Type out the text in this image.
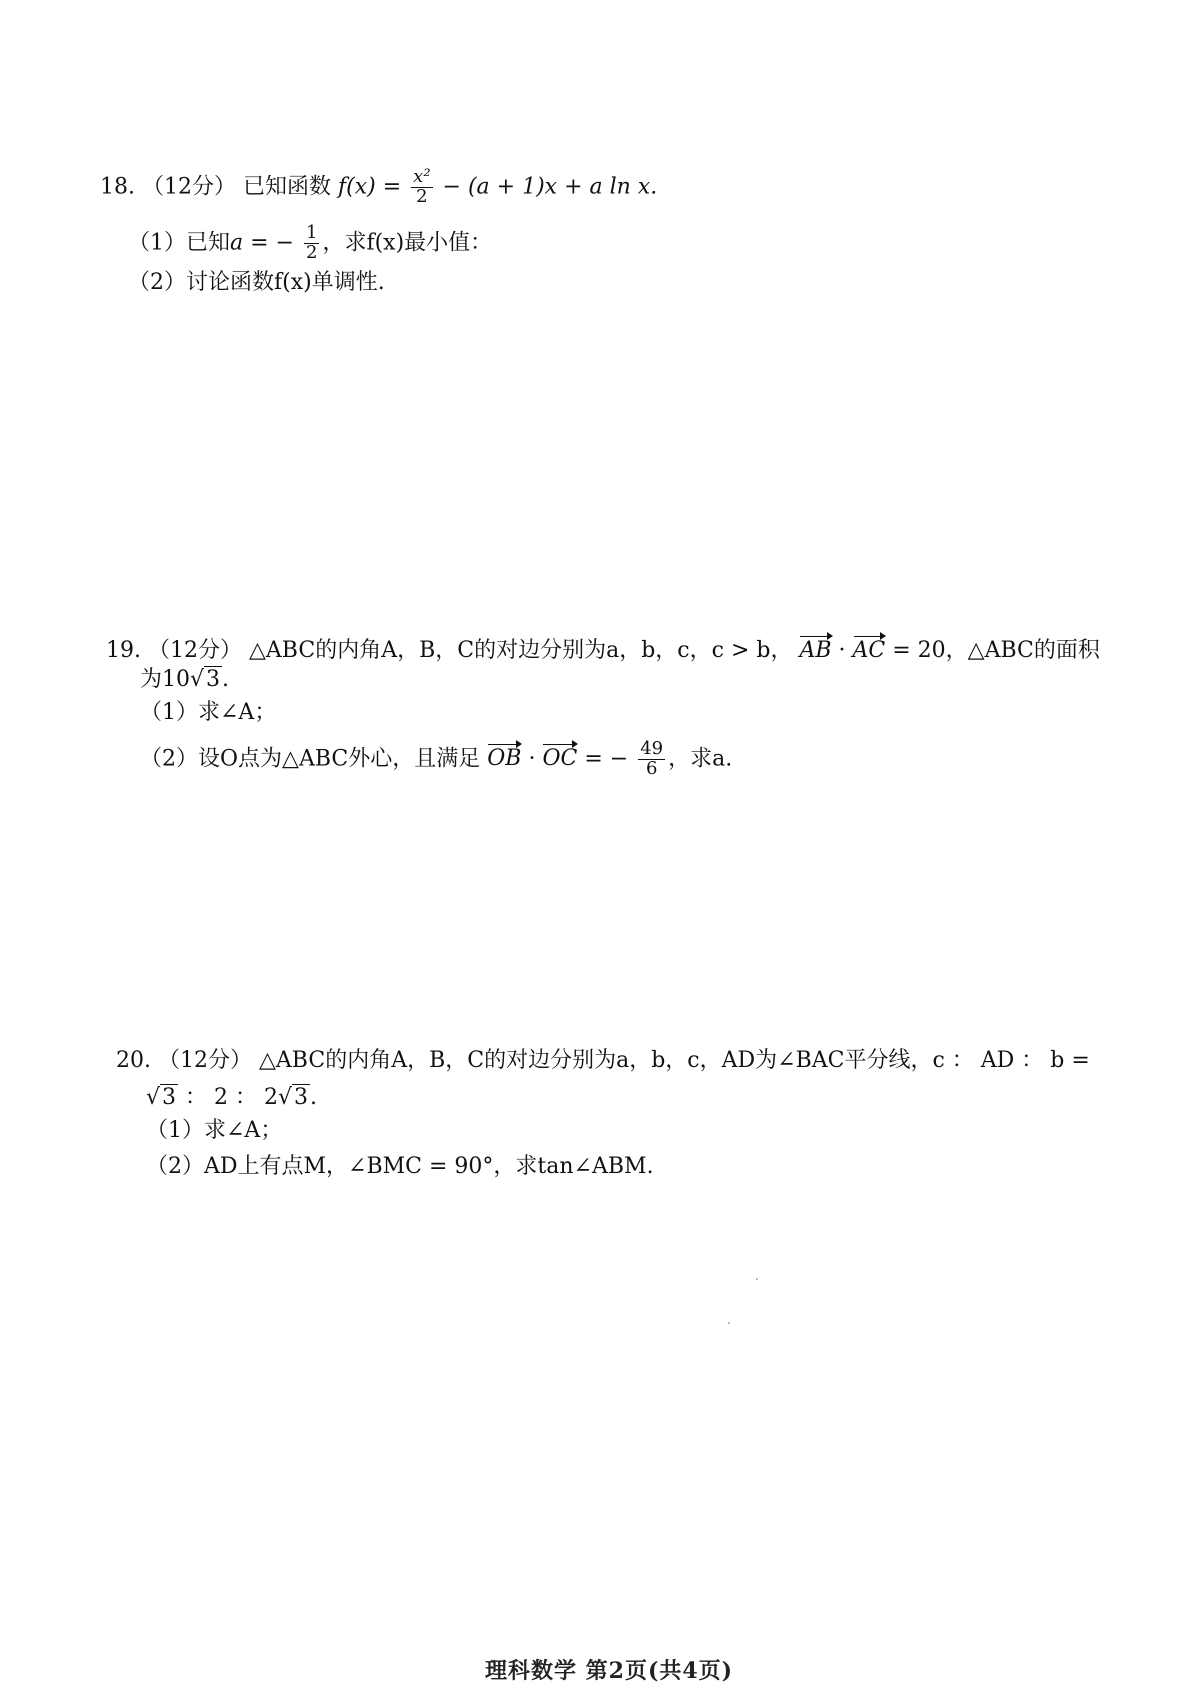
18. （12分） 已知函数 $f(x) = \frac{\text{x²}}{2} - (a + 1)x + a$ ln x.
（1）已知a = − $\frac{1}{2}$ ，求f(x)最小值：
（2）讨论函数f(x)单调性.
19. （12分） △ABC的内角A，B，C的对边分别为a，b，c，c > b， AB · AC = 20，△ABC的面积
为10√3.
（1）求∠A；
（2）设O点为△ABC外心，且满足 OB · OC = − $\frac{49}{6}$ ，求a.
20. （12分） △ABC的内角A，B，C的对边分别为a，b，c，AD为∠BAC平分线，c ： AD ： b =
√3 ： 2 ： 2√3.
（1）求∠A；
（2）AD上有点M，∠BMC = 90°，求tan∠ABM.
理科数学 第2页(共4页)
